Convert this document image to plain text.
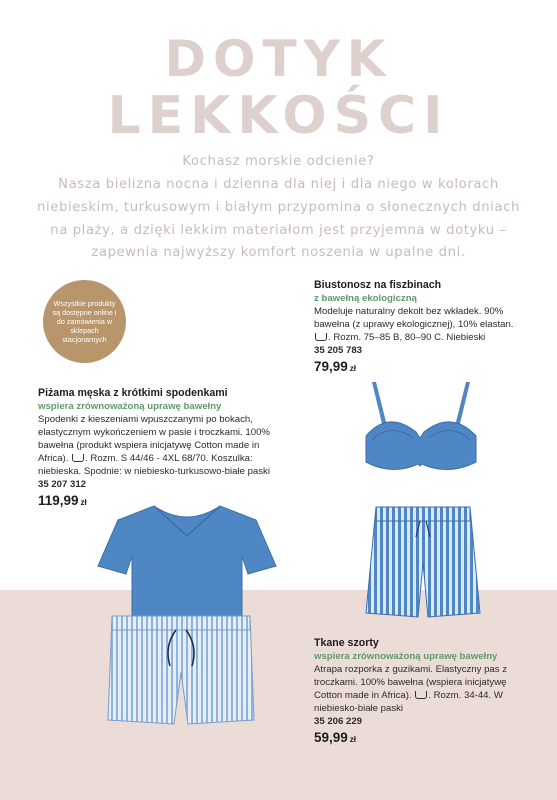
DOTYK
LEKKOŚCI
Kochasz morskie odcienie?
Nasza bielizna nocna i dzienna dla niej i dla niego w kolorach
niebieskim, turkusowym i białym przypomina o słonecznych dniach
na plaży, a dzięki lekkim materiałom jest przyjemna w dotyku –
zapewnia najwyższy komfort noszenia w upalne dni.
Wszystkie produkty są dostępne online i do zamówienia w sklepach stacjonarnych
Biustonosz na fiszbinach
z bawełną ekologiczną
Modeluje naturalny dekolt bez wkładek. 90% bawełna (z uprawy ekologicznej), 10% elastan. . Rozm. 75–85 B, 80–90 C. Niebieski
35 205 783
79,99 zł
Piżama męska z krótkimi spodenkami
wspiera zrównoważoną uprawę bawełny
Spodenki z kieszeniami wpuszczanymi po bokach, elastycznym wykończeniem w pasie i troczkami. 100% bawełna (produkt wspiera inicjatywę Cotton made in Africa). . Rozm. S 44/46 - 4XL 68/70. Koszulka: niebieska. Spodnie: w niebiesko-turkusowo-białe paski
35 207 312
119,99 zł
Tkane szorty
wspiera zrównoważoną uprawę bawełny
Atrapa rozporka z guzikami. Elastyczny pas z troczkami. 100% bawełna (wspiera inicjatywę Cotton made in Africa). . Rozm. 34-44. W niebiesko-białe paski
35 206 229
59,99 zł
